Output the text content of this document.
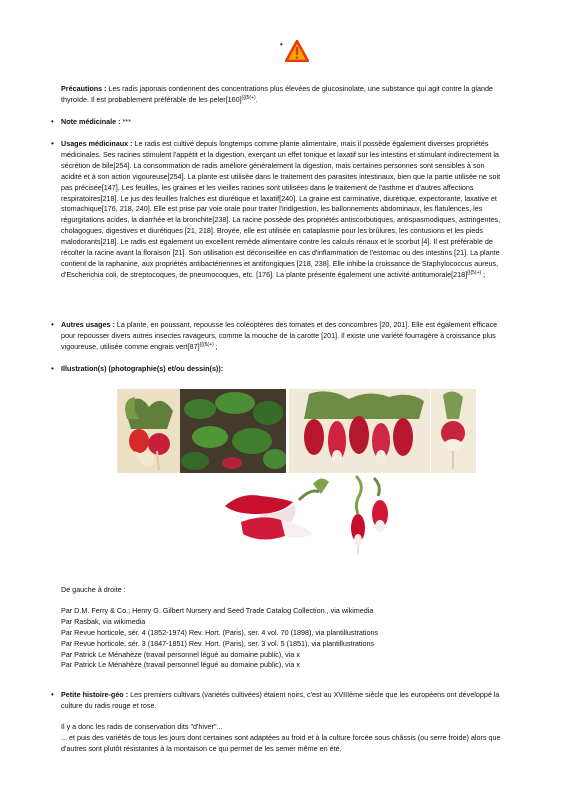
•

Précautions : Les radis japonais contiennent des concentrations plus élevées de glucosinolate, une substance qui agit contre la glande thyroïde. Il est probablement préférable de les $peler[160]^{\{\{\{5(+)}$.

• Note médicinale : ***

• Usages médicinaux : Le radis est cultivé depuis longtemps comme plante alimentaire, mais il possède également diverses propriétés médicinales. Ses racines stimulent l'appétit et la digestion, exerçant un effet tonique et laxatif sur les intestins et stimulant indirectement la sécrétion de bile[254]. La consommation de radis améliore généralement la digestion, mais certaines personnes sont sensibles à son acidité et à son action vigoureuse[254]. La plante est utilisée dans le traitement des parasites intestinaux, bien que la partie utilisée ne soit pas précisée[147]. Les feuilles, les graines et les vieilles racines sont utilisées dans le traitement de l'asthme et d'autres affections respiratoires[218]. Le jus des feuilles fraîches est diurétique et laxatif[240]. La graine est carminative, diurétique, expectorante, laxative et stomachique[176, 218, 240]. Elle est prise par voie orale pour traiter l'indigestion, les ballonnements abdominaux, les flatulences, les régurgitations acides, la diarrhée et la bronchite[238]. La racine possède des propriétés antiscorbutiques, antispasmodiques, astringentes, cholagogues, digestives et diurétiques [21, 218]. Broyée, elle est utilisée en cataplasme pour les brûlures, les contusions et les pieds malodorants[218]. Le radis est également un excellent remède alimentaire contre les calculs rénaux et le scorbut [4]. Il est préférable de récolter la racine avant la floraison [21]. Son utilisation est déconseillée en cas d'inflammation de l'estomac ou des intestins [21]. La plante contient de la raphanine, aux propriétés antibactériennes et antifongiques [218, 238]. Elle inhibe la croissance de Staphylococcus aureus, d'Escherichia coli, de streptocoques, de pneumocoques, etc. [176]. La plante présente également une activité $antitumorale[218]^{\{\{\{5(+)}$ ;

• Autres usages : La plante, en poussant, repousse les coléoptères des tomates et des concombres [20, 201]. Elle est également efficace pour repousser divers autres insectes ravageurs, comme la mouche de la carotte [201]. Il existe une variété fourragère à croissance plus vigoureuse, utilisée comme engrais $vert[87]^{\{\{\{5(+)}$ ;

• Illustration(s) (photographie(s) et/ou dessin(s)):

De gauche à droite :

Par D.M. Ferry & Co.; Henry G. Gilbert Nursery and Seed Trade Catalog Collection., via wikimedia

Par Rasbak, via wikimedia

Par Revue horticole, sér. 4 (1852-1974) Rev. Hort. (Paris), ser. 4 vol. 70 (1898), via plantillustrations

Par Revue horticole, sér. 3 (1847-1851) Rev. Hort. (Paris), ser. 3 vol. 5 (1851), via plantillustrations

Par Patrick Le Ménahèze (travail personnel légué au domaine public), via x

Par Patrick Le Ménahèze (travail personnel légué au domaine public), via x

• Petite histoire-géo : Les premiers cultivars (variétés cultivées) étaient noirs, c'est au XVIIIème siècle que les européens ont développé la culture du radis rouge et rose.

Il y a donc les radis de conservation dits "d'hiver"...

... et puis des variétés de tous les jours dont certaines sont adaptées au froid et à la culture forcée sous châssis (ou serre froide) alors que d'autres sont plutôt résistantes à la montaison ce qui permet de les semer même en été.
